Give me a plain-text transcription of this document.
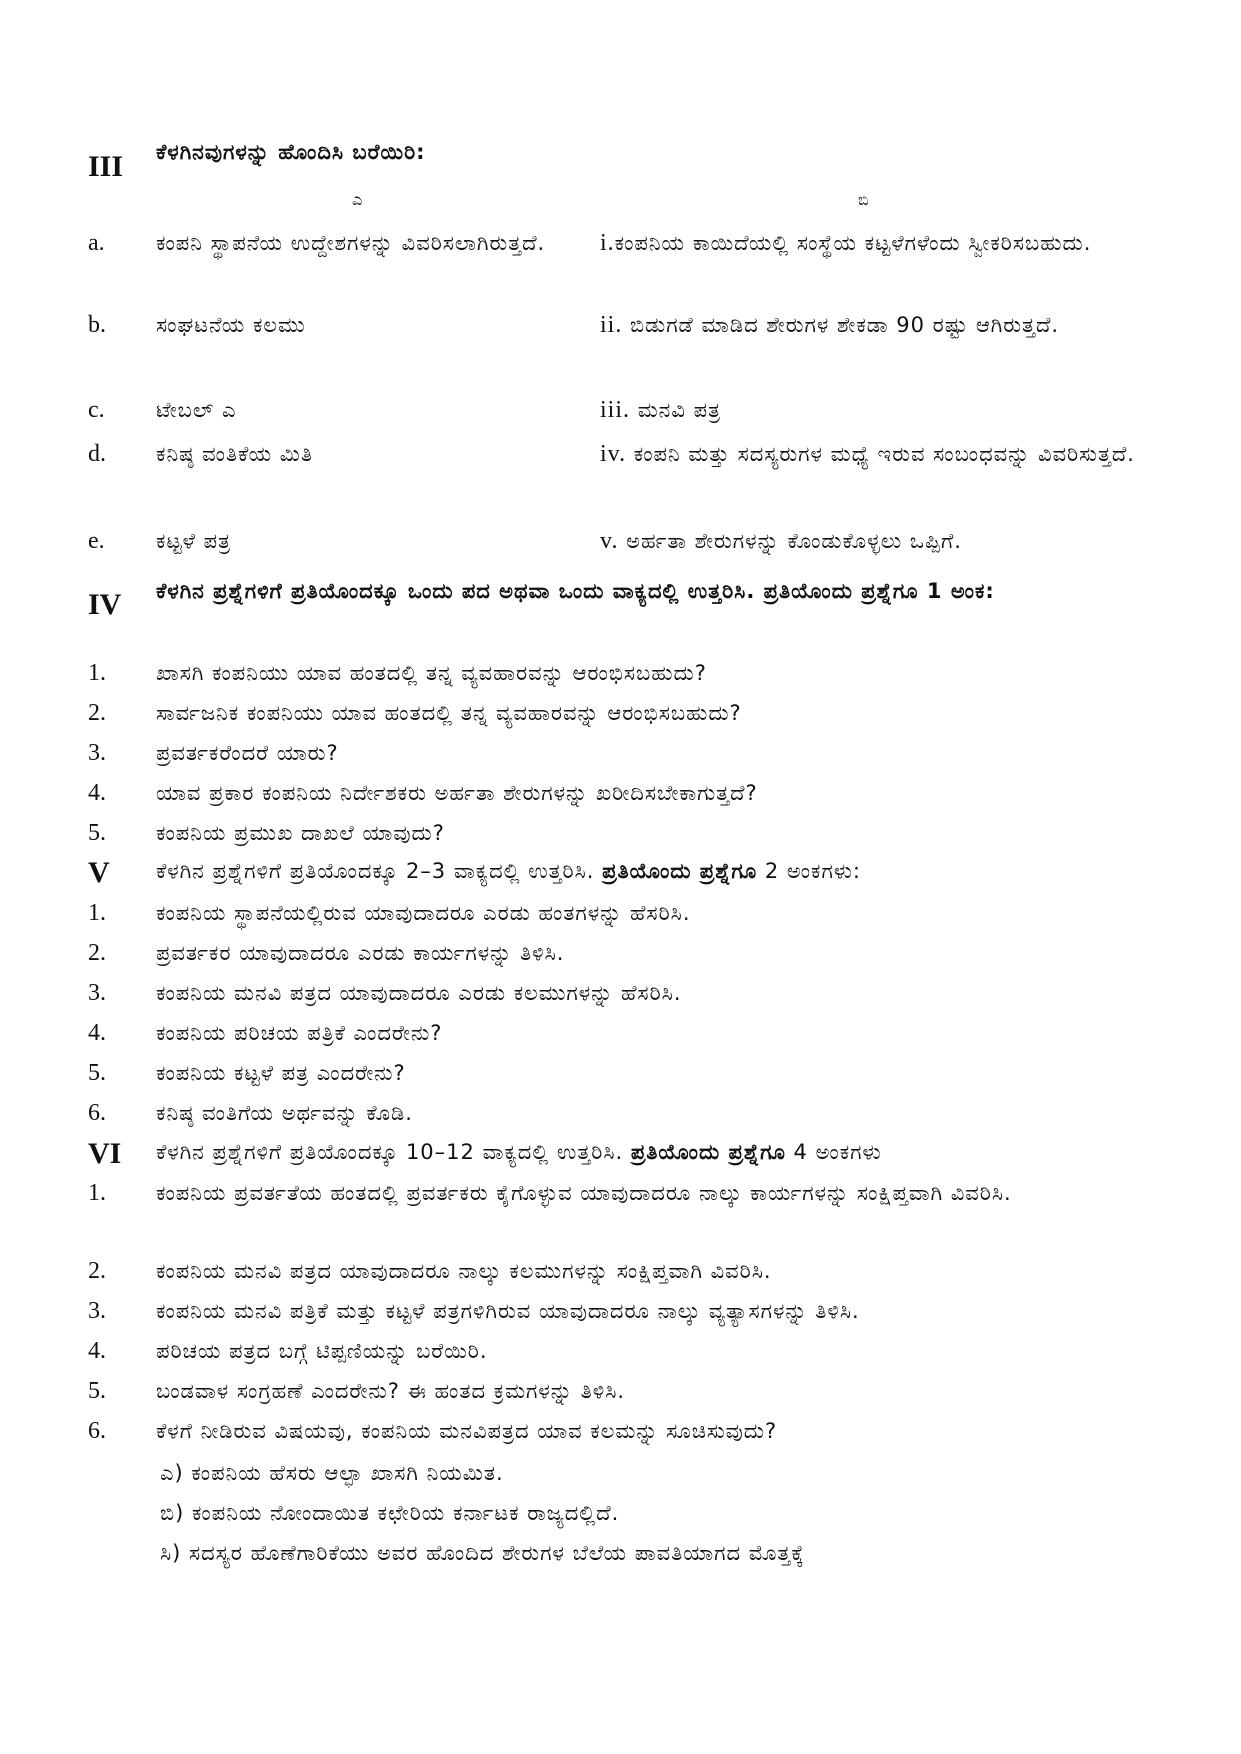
III ಕೆಳಗಿನವುಗಳನ್ನು ಹೊಂದಿಸಿ ಬರೆಯಿರಿ:
ಎ	ಬಿ
a. ಕಂಪನಿ ಸ್ಥಾಪನೆಯ ಉದ್ದೇಶಗಳನ್ನು ವಿವರಿಸಲಾಗಿರುತ್ತದೆ.
b. ಸಂಘಟನೆಯ ಕಲಮು
c. ಟೇಬಲ್ ಎ
d. ಕನಿಷ್ಠ ವಂತಿಕೆಯ ಮಿತಿ
e. ಕಟ್ಟಳೆ ಪತ್ರ
i.ಕಂಪನಿಯ ಕಾಯಿದೆಯಲ್ಲಿ ಸಂಸ್ಥೆಯ ಕಟ್ಟಳೆಗಳೆಂದು ಸ್ವೀಕರಿಸಬಹುದು.
ii. ಬಿಡುಗಡೆ ಮಾಡಿದ ಶೇರುಗಳ ಶೇಕಡಾ 90 ರಷ್ಟು ಆಗಿರುತ್ತದೆ.
iii. ಮನವಿ ಪತ್ರ
iv. ಕಂಪನಿ ಮತ್ತು ಸದಸ್ಯರುಗಳ ಮಧ್ಯೆ ಇರುವ ಸಂಬಂಧವನ್ನು ವಿವರಿಸುತ್ತದೆ.
v. ಅರ್ಹತಾ ಶೇರುಗಳನ್ನು ಕೊಂಡುಕೊಳ್ಳಲು ಒಪ್ಪಿಗೆ.
IV ಕೆಳಗಿನ ಪ್ರಶ್ನೆಗಳಿಗೆ ಪ್ರತಿಯೊಂದಕ್ಕೂ ಒಂದು ಪದ ಅಥವಾ ಒಂದು ವಾಕ್ಯದಲ್ಲಿ ಉತ್ತರಿಸಿ. ಪ್ರತಿಯೊಂದು ಪ್ರಶ್ನೆಗೂ 1 ಅಂಕ:
1. ಖಾಸಗಿ ಕಂಪನಿಯು ಯಾವ ಹಂತದಲ್ಲಿ ತನ್ನ ವ್ಯವಹಾರವನ್ನು ಆರಂಭಿಸಬಹುದು?
2. ಸಾರ್ವಜನಿಕ ಕಂಪನಿಯು ಯಾವ ಹಂತದಲ್ಲಿ ತನ್ನ ವ್ಯವಹಾರವನ್ನು ಆರಂಭಿಸಬಹುದು?
3. ಪ್ರವರ್ತಕರೆಂದರೆ ಯಾರು?
4. ಯಾವ ಪ್ರಕಾರ ಕಂಪನಿಯ ನಿರ್ದೇಶಕರು ಅರ್ಹತಾ ಶೇರುಗಳನ್ನು ಖರೀದಿಸಬೇಕಾಗುತ್ತದೆ?
5. ಕಂಪನಿಯ ಪ್ರಮುಖ ದಾಖಲೆ ಯಾವುದು?
V ಕೆಳಗಿನ ಪ್ರಶ್ನೆಗಳಿಗೆ ಪ್ರತಿಯೊಂದಕ್ಕೂ 2–3 ವಾಕ್ಯದಲ್ಲಿ ಉತ್ತರಿಸಿ. ಪ್ರತಿಯೊಂದು ಪ್ರಶ್ನೆಗೂ 2 ಅಂಕಗಳು:
1. ಕಂಪನಿಯ ಸ್ಥಾಪನೆಯಲ್ಲಿರುವ ಯಾವುದಾದರೂ ಎರಡು ಹಂತಗಳನ್ನು ಹೆಸರಿಸಿ.
2. ಪ್ರವರ್ತಕರ ಯಾವುದಾದರೂ ಎರಡು ಕಾರ್ಯಗಳನ್ನು ತಿಳಿಸಿ.
3. ಕಂಪನಿಯ ಮನವಿ ಪತ್ರದ ಯಾವುದಾದರೂ ಎರಡು ಕಲಮುಗಳನ್ನು ಹೆಸರಿಸಿ.
4. ಕಂಪನಿಯ ಪರಿಚಯ ಪತ್ರಿಕೆ ಎಂದರೇನು?
5. ಕಂಪನಿಯ ಕಟ್ಟಳೆ ಪತ್ರ ಎಂದರೇನು?
6. ಕನಿಷ್ಠ ವಂತಿಗೆಯ ಅರ್ಥವನ್ನು ಕೊಡಿ.
VI ಕೆಳಗಿನ ಪ್ರಶ್ನೆಗಳಿಗೆ ಪ್ರತಿಯೊಂದಕ್ಕೂ 10–12 ವಾಕ್ಯದಲ್ಲಿ ಉತ್ತರಿಸಿ. ಪ್ರತಿಯೊಂದು ಪ್ರಶ್ನೆಗೂ 4 ಅಂಕಗಳು
1. ಕಂಪನಿಯ ಪ್ರವರ್ತತೆಯ ಹಂತದಲ್ಲಿ ಪ್ರವರ್ತಕರು ಕೈಗೊಳ್ಳುವ ಯಾವುದಾದರೂ ನಾಲ್ಕು ಕಾರ್ಯಗಳನ್ನು ಸಂಕ್ಷಿಪ್ತವಾಗಿ ವಿವರಿಸಿ.
2. ಕಂಪನಿಯ ಮನವಿ ಪತ್ರದ ಯಾವುದಾದರೂ ನಾಲ್ಕು ಕಲಮುಗಳನ್ನು ಸಂಕ್ಷಿಪ್ತವಾಗಿ ವಿವರಿಸಿ.
3. ಕಂಪನಿಯ ಮನವಿ ಪತ್ರಿಕೆ ಮತ್ತು ಕಟ್ಟಳೆ ಪತ್ರಗಳಿಗಿರುವ ಯಾವುದಾದರೂ ನಾಲ್ಕು ವ್ಯತ್ಯಾಸಗಳನ್ನು ತಿಳಿಸಿ.
4. ಪರಿಚಯ ಪತ್ರದ ಬಗ್ಗೆ ಟಿಪ್ಪಣಿಯನ್ನು ಬರೆಯಿರಿ.
5. ಬಂಡವಾಳ ಸಂಗ್ರಹಣೆ ಎಂದರೇನು? ಈ ಹಂತದ ಕ್ರಮಗಳನ್ನು ತಿಳಿಸಿ.
6. ಕೆಳಗೆ ನೀಡಿರುವ ವಿಷಯವು, ಕಂಪನಿಯ ಮನವಿಪತ್ರದ ಯಾವ ಕಲಮನ್ನು ಸೂಚಿಸುವುದು?
ಎ) ಕಂಪನಿಯ ಹೆಸರು ಆಲ್ಫಾ ಖಾಸಗಿ ನಿಯಮಿತ.
ಬಿ) ಕಂಪನಿಯ ನೋಂದಾಯಿತ ಕಛೇರಿಯ ಕರ್ನಾಟಕ ರಾಜ್ಯದಲ್ಲಿದೆ.
ಸಿ) ಸದಸ್ಯರ ಹೊಣೆಗಾರಿಕೆಯು ಅವರ ಹೊಂದಿದ ಶೇರುಗಳ ಬೆಲೆಯ ಪಾವತಿಯಾಗದ ಮೊತ್ತಕ್ಕೆ
